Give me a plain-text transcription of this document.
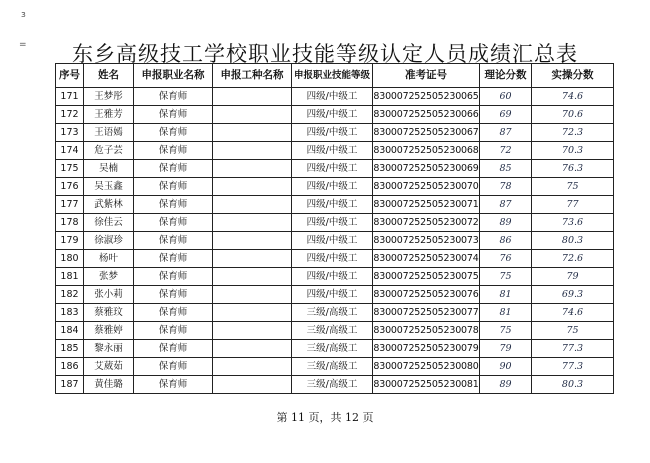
ɜ
=	东乡高级技工学校职业技能等级认定人员成绩汇总表
序号	姓名	申报职业名称	申报工种名称	申报职业技能等级	准考证号	理论分数	实操分数
171	王梦彤	保育师		四级/中级工	830007252505230065	60	74.6
172	王雅芳	保育师		四级/中级工	830007252505230066	69	70.6
173	王语嫣	保育师		四级/中级工	830007252505230067	87	72.3
174	危子芸	保育师		四级/中级工	830007252505230068	72	70.3
175	吴楠	保育师		四级/中级工	830007252505230069	85	76.3
176	吴玉鑫	保育师		四级/中级工	830007252505230070	78	75
177	武紫林	保育师		四级/中级工	830007252505230071	87	77
178	徐佳云	保育师		四级/中级工	830007252505230072	89	73.6
179	徐淑珍	保育师		四级/中级工	830007252505230073	86	80.3
180	杨叶	保育师		四级/中级工	830007252505230074	76	72.6
181	张梦	保育师		四级/中级工	830007252505230075	75	79
182	张小莉	保育师		四级/中级工	830007252505230076	81	69.3
183	蔡雅玟	保育师		三级/高级工	830007252505230077	81	74.6
184	蔡雅婷	保育师		三级/高级工	830007252505230078	75	75
185	黎永丽	保育师		三级/高级工	830007252505230079	79	77.3
186	艾葳茹	保育师		三级/高级工	830007252505230080	90	77.3
187	黄佳璐	保育师		三级/高级工	830007252505230081	89	80.3
第 11 页，共 12 页
